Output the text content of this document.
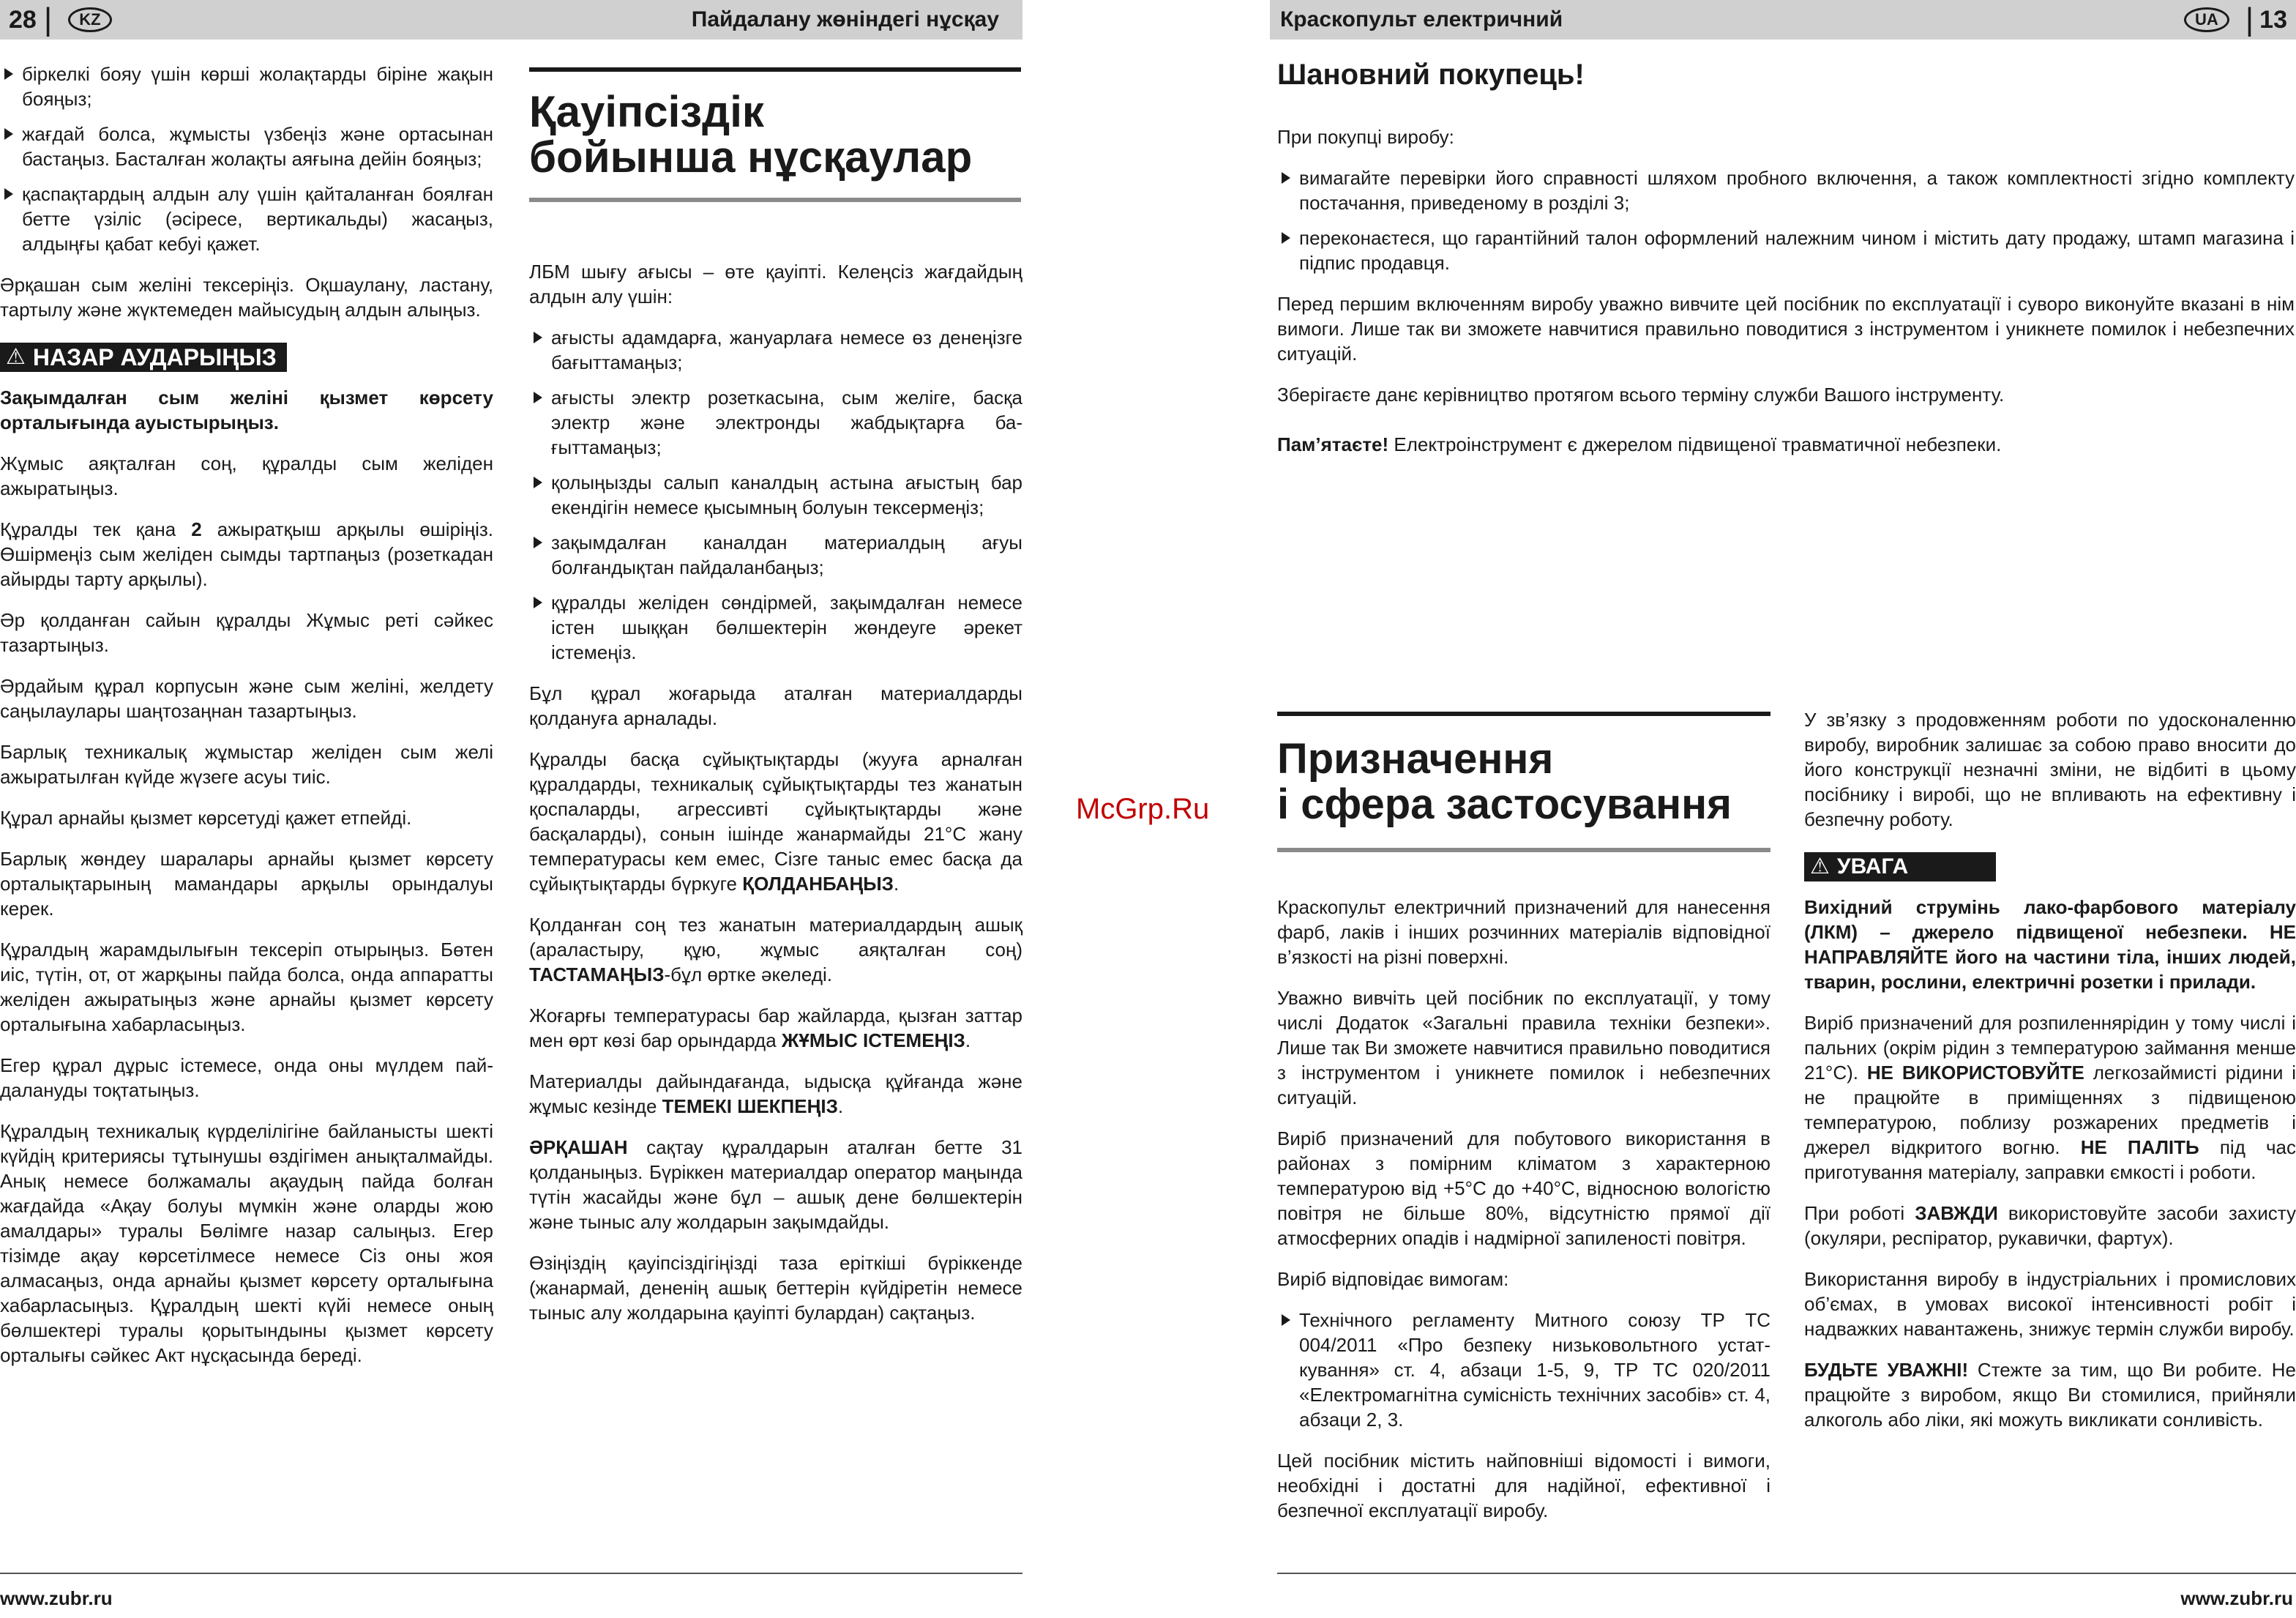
28 |	KZ	Пайдалану жөніндегі нұсқау
біркелкі бояу үшін көрші жолақтарды біріне жақын бояңыз;
жағдай болса, жұмысты үзбеңіз және ортасынан бастаңыз. Басталған жолақты аяғына дейін бояңыз;
қаспақтардың алдын алу үшін қайталанған боялған бетте үзіліс (әсіресе, вертикальды) жасаңыз, алдыңғы қабат кебуі қажет.

Әрқашан сым желіні тексеріңіз. Оқшаулану, ластану, тартылу және жүктемеден майысудың алдын алыңыз.

⚠ НАЗАР АУДАРЫҢЫЗ

Зақымдалған сым желіні қызмет көрсету орталығында ауыстырыңыз.

Жұмыс аяқталған соң, құралды сым желіден ажыратыңыз.

Құралды тек қана 2 ажыратқыш арқылы өшіріңіз. Өшірмеңіз сым желіден сымды тартпаңыз (розеткадан айырды тарту арқылы).

Әр қолданған сайын құралды Жұмыс реті сәйкес тазартыңыз.

Әрдайым құрал корпусын және сым желіні, желдету саңылаулары шаңтозаңнан тазартыңыз.

Барлық техникалық жұмыстар желіден сым желі ажыратылған күйде жүзеге асуы тиіс.

Құрал арнайы қызмет көрсетуді қажет етпейді.

Барлық жөндеу шаралары арнайы қызмет көрсету орталықтарының мамандары арқылы орындалуы керек.

Құралдың жарамдылығын тексеріп отырыңыз. Бөтен иіс, түтін, от, от жарқыны пайда болса, онда аппаратты желіден ажыратыңыз және арнайы қызмет көрсету орталығына хабарласыңыз.

Егер құрал дұрыс істемесе, онда оны мүлдем пайдалануды тоқтатыңыз.

Құралдың техникалық күрделілігіне байланысты шекті күйдің критерияcы тұтынушы өздігімен анықталмайды. Анық немесе болжамалы ақаудың пайда болған жағдайда «Ақау болуы мүмкін және оларды жою амалдары» туралы Бөлімге назар салыңыз. Егер тізімде ақау көрсетілмесе немесе Сіз оны жоя алмасаңыз, онда арнайы қызмет көрсету орталығына хабарласыңыз. Құралдың шекті күйі немесе оның бөлшектері туралы қорытындыны қызмет көрсету орталығы сәйкес Акт нұсқасында береді.

Қауіпсіздік
бойынша нұсқаулар

ЛБМ шығу ағысы – өте қауіпті. Келеңсіз жағдайдың алдын алу үшін:

ағысты адамдарға, жануарлаға немесе өз денеңізге бағыттамаңыз;
ағысты электр розеткасына, сым желіге, басқа электр және электронды жабдықтарға бағыттамаңыз;
қолыңызды салып каналдың астына ағыстың бар екендігін немесе қысымның болуын тексермеңіз;
зақымдалған каналдан материалдың ағуы болғандықтан пайдаланбаңыз;
құралды желіден сөндірмей, зақымдалған немесе істен шыққан бөлшектерін жөндеуге әрекет істемеңіз.

Бұл құрал жоғарыда аталған материалдарды қолдануға арналады.

Құралды басқа сұйықтықтарды (жууға арналған құралдарды, техникалық сұйықтықтарды тез жанатын қоспаларды, агрессивті сұйықтықтарды және басқаларды), сонын ішінде жанармайды 21°С жану температурасы кем емес, Сізге таныс емес басқа да сұйықтықтарды бүркуге ҚОЛДАНБАҢЫЗ.

Қолданған соң тез жанатын материалдардың ашық (араластыру, құю, жұмыс аяқталған соң) ТАСТАМАҢЫЗ-бұл өртке әкеледі.

Жоғарғы температурасы бар жайларда, қызған заттар мен өрт көзі бар орындарда ЖҰМЫС ІСТЕМЕҢІЗ.

Материалды дайындағанда, ыдысқа құйғанда және жұмыс кезінде ТЕМЕКІ ШЕКПЕҢІЗ.

ӘРҚАШАН сақтау құралдарын аталған бетте 31 қолданыңыз. Бүріккен материалдар оператор маңында түтін жасайды және бұл – ашық дене бөлшектерін және тыныс алу жолдарын зақымдайды.

Өзіңіздің қауіпсіздігіңізді таза еріткіші бүріккенде (жанармай, дененің ашық беттерін күйдіретін немесе тыныс алу жолдарына қауіпті булардан) сақтаңыз.

www.zubr.ru
McGrp.Ru
Краскопульт електричний	UA | 13
Шановний покупець!

При покупці виробу:

вимагайте перевірки його справності шляхом пробного включення, а також комплектності згідно комплекту постачання, приведеному в розділі 3;
переконаєтеся, що гарантійний талон оформлений належним чином і містить дату продажу, штамп магазина і підпис продавця.

Перед першим включенням виробу уважно вивчите цей посібник по експлуатації і суворо виконуйте вказані в нім вимоги. Лише так ви зможете навчитися правильно поводитися з інструментом і уникнете помилок і небезпечних ситуацій.

Зберігаєте данє керівництво протягом всього терміну служби Вашого інструменту.

Пам’ятаєте! Електроінструмент є джерелом підвищеної травматичної небезпеки.

Призначення
і сфера застосування

Краскопульт електричний призначений для нанесення фарб, лаків і інших розчинних матеріалів відповідної в’язкості на різні поверхні.

Уважно вивчіть цей посібник по експлуатації, у тому числі Додаток «Загальні правила техніки безпеки». Лише так Ви зможете навчитися правильно поводитися з інструментом і уникнете помилок і небезпечних ситуацій.

Виріб призначений для побутового використання в районах з помірним кліматом з характерною температурою від +5°С до +40°С, відносною вологістю повітря не більше 80%, відсутністю прямої дії атмосферних опадів і надмірної запиленості повітря.

Виріб відповідає вимогам:

Технічного регламенту Митного союзу ТР ТС 004/2011 «Про безпеку низьковольтного устаткування» ст. 4, абзаци 1-5, 9, ТР ТС 020/2011 «Електромагнітна сумісність технічних засобів» ст. 4, абзаци 2, 3.

Цей посібник містить найповніші відомості і вимоги, необхідні і достатні для надійної, ефективної і безпечної експлуатації виробу.

У зв’язку з продовженням роботи по удосконаленню виробу, виробник залишає за собою право вносити до його конструкції незначні зміни, не відбиті в цьому посібнику і виробі, що не впливають на ефективну і безпечну роботу.

⚠ УВАГА

Вихідний струмінь лако-фарбового матеріалу (ЛКМ) – джерело підвищеної небезпеки. НЕ НАПРАВЛЯЙТЕ його на частини тіла, інших людей, тварин, рослини, електричні розетки і прилади.

Виріб призначений для розпиленнярідин у тому числі і пальних (окрім рідин з температурою займання менше 21°С). НЕ ВИКОРИСТОВУЙТЕ легкозаймисті рідини і не працюйте в приміщеннях з підвищеною температурою, поблизу розжарених предметів і джерел відкритого вогню. НЕ ПАЛІТЬ під час приготування матеріалу, заправки ємкості і роботи.

При роботі ЗАВЖДИ використовуйте засоби захисту (окуляри, респіратор, рукавички, фартух).

Використання виробу в індустріальних і промислових об’ємах, в умовах високої інтенсивності робіт і надважких навантажень, знижує термін служби виробу.

БУДЬТЕ УВАЖНІ! Стежте за тим, що Ви робите. Не працюйте з виробом, якщо Ви стомилися, прийняли алкоголь або ліки, які можуть викликати сонливість.

www.zubr.ru
